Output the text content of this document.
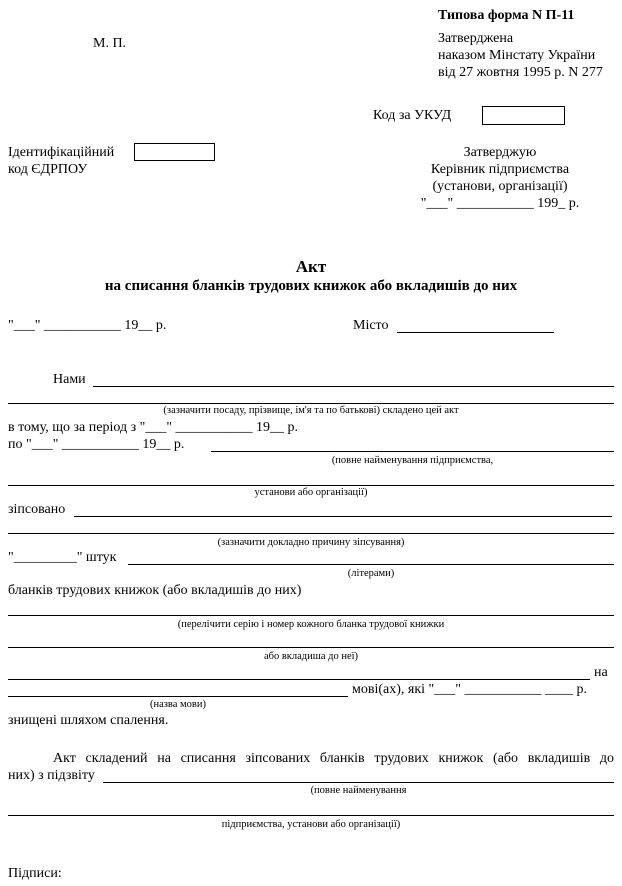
М. П.
Типова форма N П-11
Затверджена
наказом Мінстату України
від 27 жовтня 1995 р. N 277
Код за УКУД
Ідентифікаційний
код ЄДРПОУ
Затверджую
Керівник підприємства
(установи, організації)
"___" ___________ 199_ р.
Акт
на списання бланків трудових книжок або вкладишів до них
"___" ___________ 19__ р.	Місто
Нами
(зазначити посаду, прізвище, ім'я та по батькові) складено цей акт
в тому, що за період з "___" ___________ 19__ р.
по "___" ___________ 19__ р.
(повне найменування підприємства,
установи або організації)
зіпсовано
(зазначити докладно причину зіпсування)
"_________" штук
(літерами)
бланків трудових книжок (або вкладишів до них)
(перелічити серію і номер кожного бланка трудової книжки
або вкладиша до неї)
на
мові(ах), які "___" ___________ ____ р.
(назва мови)
знищені шляхом спалення.
Акт складений на списання зіпсованих бланків трудових книжок (або вкладишів до
них) з підзвіту
(повне найменування
підприємства, установи або організації)
Підписи:
